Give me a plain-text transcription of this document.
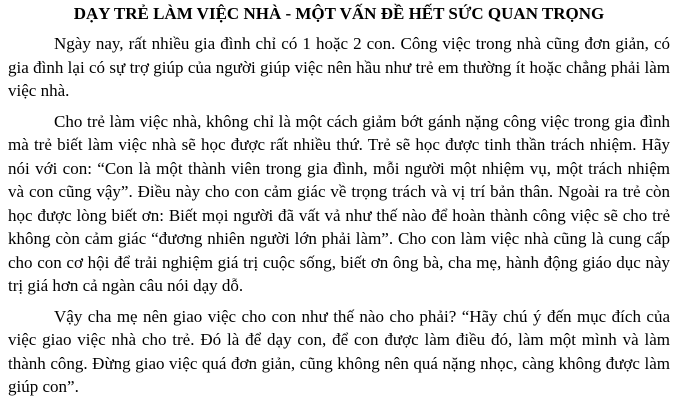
DẠY TRẺ LÀM VIỆC NHÀ - MỘT VẤN ĐỀ HẾT SỨC QUAN TRỌNG

Ngày nay, rất nhiều gia đình chỉ có 1 hoặc 2 con. Công việc trong nhà cũng đơn giản, có gia đình lại có sự trợ giúp của người giúp việc nên hầu như trẻ em thường ít hoặc chẳng phải làm việc nhà.

Cho trẻ làm việc nhà, không chỉ là một cách giảm bớt gánh nặng công việc trong gia đình mà trẻ biết làm việc nhà sẽ học được rất nhiều thứ. Trẻ sẽ học được tinh thần trách nhiệm. Hãy nói với con: “Con là một thành viên trong gia đình, mỗi người một nhiệm vụ, một trách nhiệm và con cũng vậy”. Điều này cho con cảm giác về trọng trách và vị trí bản thân. Ngoài ra trẻ còn học được lòng biết ơn: Biết mọi người đã vất vả như thế nào để hoàn thành công việc sẽ cho trẻ không còn cảm giác “đương nhiên người lớn phải làm”. Cho con làm việc nhà cũng là cung cấp cho con cơ hội để trải nghiệm giá trị cuộc sống, biết ơn ông bà, cha mẹ, hành động giáo dục này trị giá hơn cả ngàn câu nói dạy dỗ.

Vậy cha mẹ nên giao việc cho con như thế nào cho phải? “Hãy chú ý đến mục đích của việc giao việc nhà cho trẻ. Đó là để dạy con, để con được làm điều đó, làm một mình và làm thành công. Đừng giao việc quá đơn giản, cũng không nên quá nặng nhọc, càng không được làm giúp con”.
